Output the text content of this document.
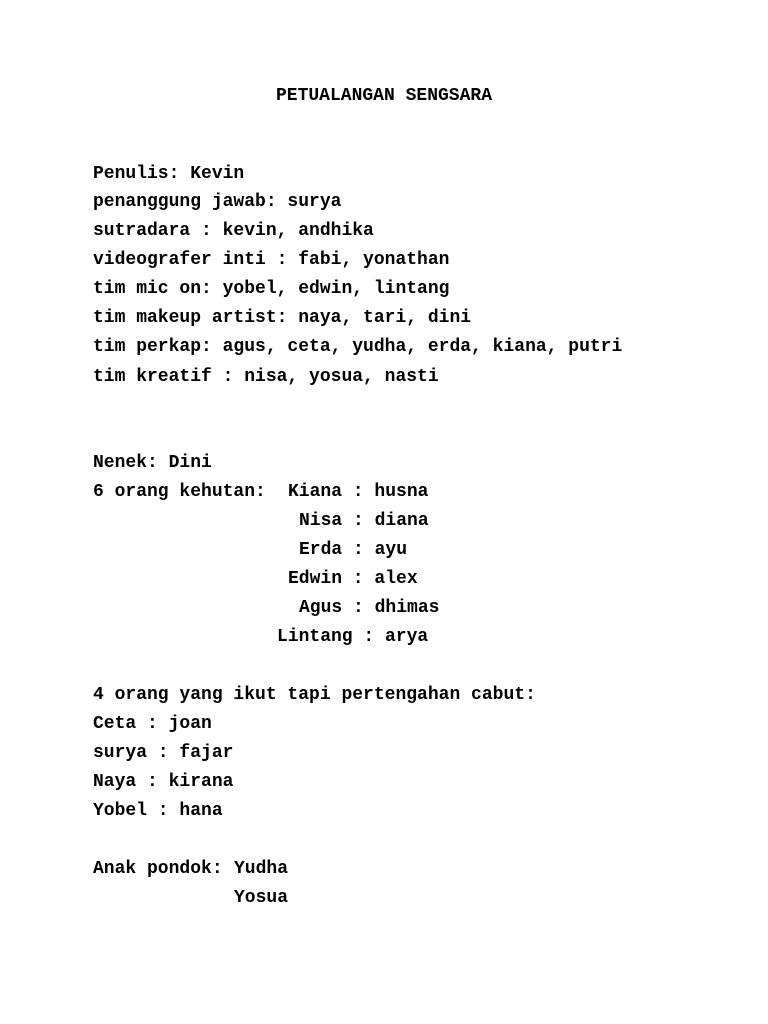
PETUALANGAN SENGSARA

Penulis: Kevin

penanggung jawab: surya

sutradara : kevin, andhika

videografer inti : fabi, yonathan

tim mic on: yobel, edwin, lintang

tim makeup artist: naya, tari, dini

tim perkap: agus, ceta, yudha, erda, kiana, putri

tim kreatif : nisa, yosua, nasti

Nenek: Dini

6 orang kehutan: Kiana : husna

Nisa : diana

Erda : ayu

Edwin : alex

Agus : dhimas

Lintang : arya

4 orang yang ikut tapi pertengahan cabut:

Ceta : joan

surya : fajar

Naya : kirana

Yobel : hana

Anak pondok: Yudha

Yosua
